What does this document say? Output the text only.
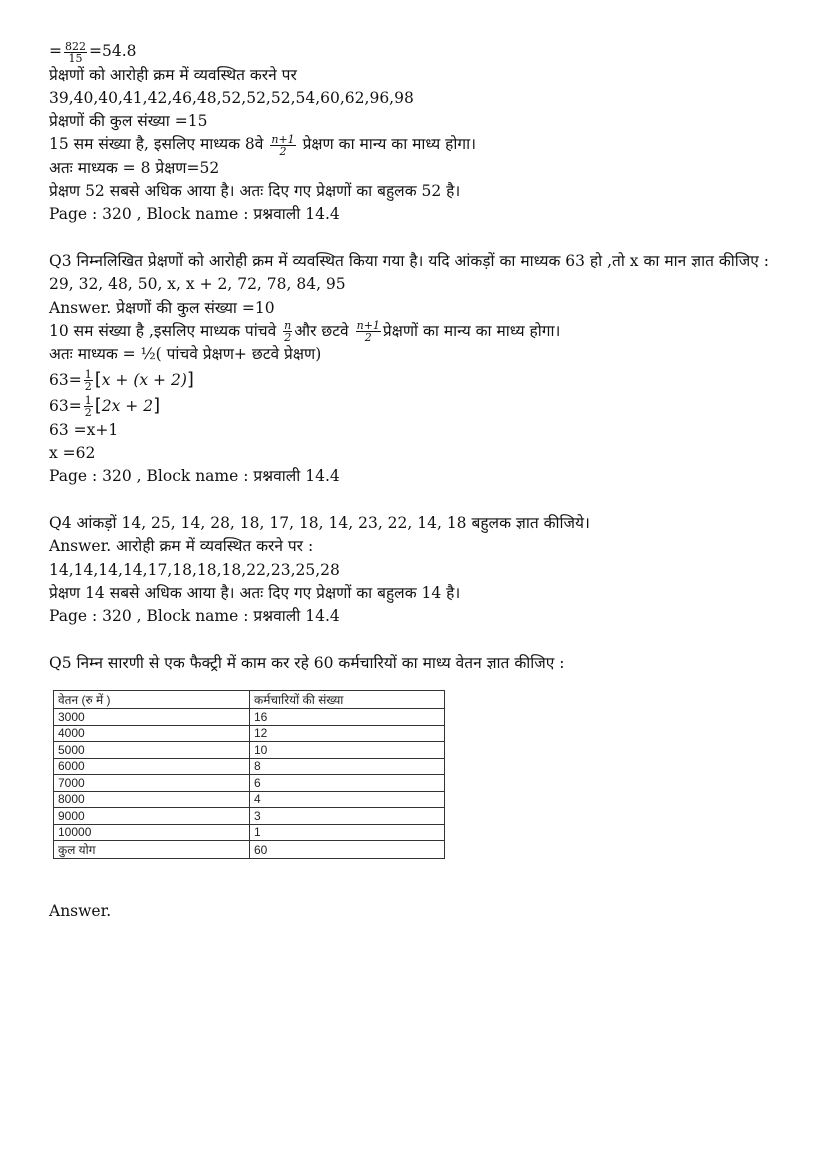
= $\frac{822}{15} =54.8$
प्रेक्षणों को आरोही क्रम में व्यवस्थित करने पर
39,40,40,41,42,46,48,52,52,52,54,60,62,96,98
प्रेक्षणों की कुल संख्या =15
15 सम संख्या है, इसलिए माध्यक 8वे $\frac{n+1}{2}$ प्रेक्षण का मान्य का माध्य होगा।
अतः माध्यक = 8 प्रेक्षण=52
प्रेक्षण 52 सबसे अधिक आया है। अतः दिए गए प्रेक्षणों का बहुलक 52 है।
Page : 320 , Block name : प्रश्नवाली 14.4
Q3 निम्नलिखित प्रेक्षणों को आरोही क्रम में व्यवस्थित किया गया है। यदि आंकड़ों का माध्यक 63 हो ,तो x का मान ज्ञात कीजिए :
29, 32, 48, 50, x, x + 2, 72, 78, 84, 95
Answer. प्रेक्षणों की कुल संख्या =10
10 सम संख्या है ,इसलिए माध्यक पांचवे $\frac{n}{2}$ और छटवे $\frac{n+1}{2}$ प्रेक्षणों का मान्य का माध्य होगा।
अतः माध्यक = ½( पांचवे प्रेक्षण+ छटवे प्रेक्षण)
$63= \frac{1}{2} [x + (x + 2)]$
$63= \frac{1}{2} [2x + 2]$
63 =x+1
x =62
Page : 320 , Block name : प्रश्नवाली 14.4
Q4 आंकड़ों 14, 25, 14, 28, 18, 17, 18, 14, 23, 22, 14, 18 बहुलक ज्ञात कीजिये।
Answer. आरोही क्रम में व्यवस्थित करने पर :
14,14,14,14,17,18,18,18,22,23,25,28
प्रेक्षण 14 सबसे अधिक आया है। अतः दिए गए प्रेक्षणों का बहुलक 14 है।
Page : 320 , Block name : प्रश्नवाली 14.4
Q5 निम्न सारणी से एक फैक्ट्री में काम कर रहे 60 कर्मचारियों का माध्य वेतन ज्ञात कीजिए :
वेतन (रु में )	कर्मचारियों की संख्या
3000	16
4000	12
5000	10
6000	8
7000	6
8000	4
9000	3
10000	1
कुल योग	60
Answer.
